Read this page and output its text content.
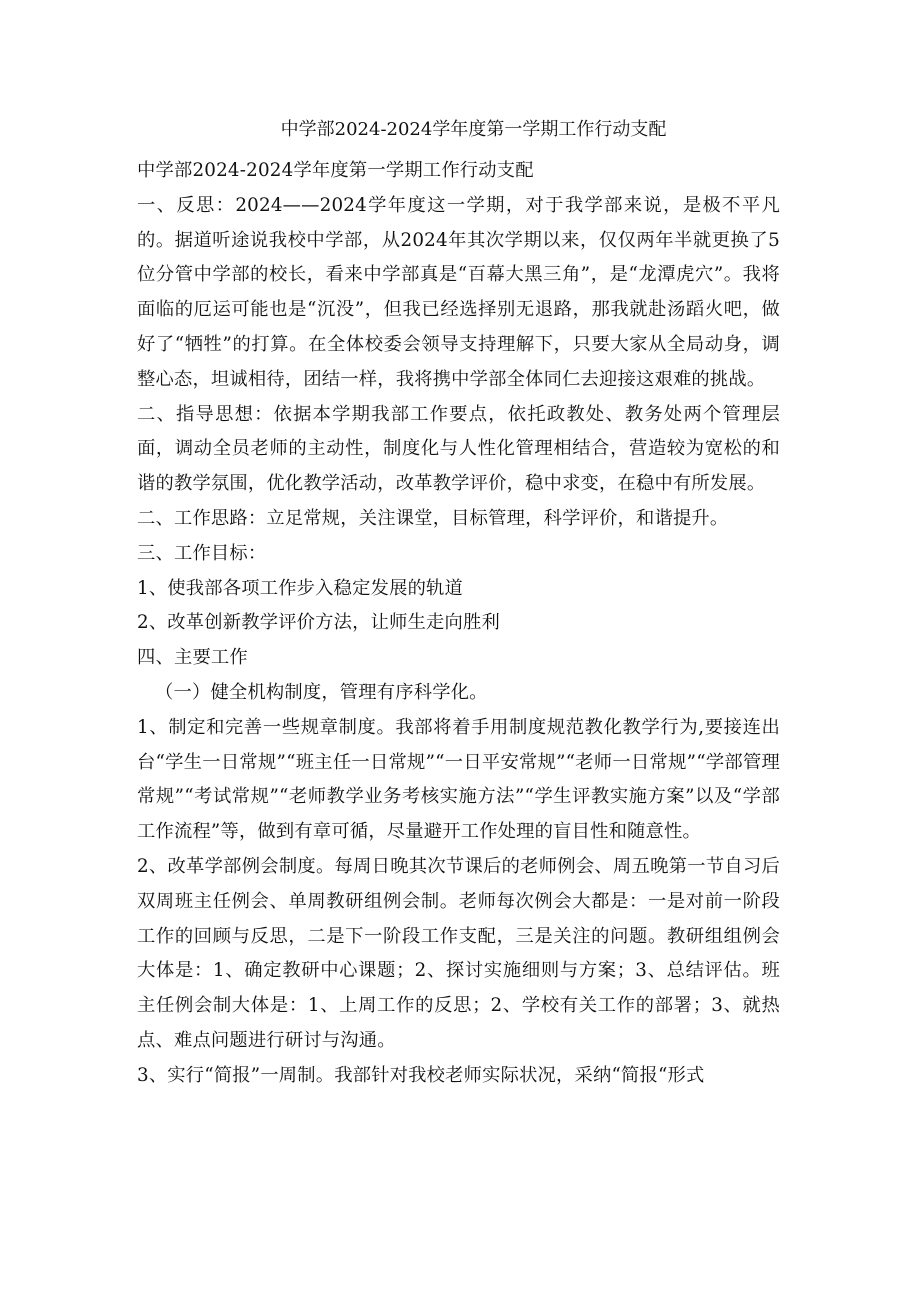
中学部2024-2024学年度第一学期工作行动支配

中学部2024-2024学年度第一学期工作行动支配

一、反思：2024——2024学年度这一学期，对于我学部来说，是极不平凡的。据道听途说我校中学部，从2024年其次学期以来，仅仅两年半就更换了5位分管中学部的校长，看来中学部真是“百幕大黑三角”，是“龙潭虎穴”。我将面临的厄运可能也是“沉没”，但我已经选择别无退路，那我就赴汤蹈火吧，做好了“牺牲”的打算。在全体校委会领导支持理解下，只要大家从全局动身，调整心态，坦诚相待，团结一样，我将携中学部全体同仁去迎接这艰难的挑战。

二、指导思想：依据本学期我部工作要点，依托政教处、教务处两个管理层面，调动全员老师的主动性，制度化与人性化管理相结合，营造较为宽松的和谐的教学氛围，优化教学活动，改革教学评价，稳中求变，在稳中有所发展。

二、工作思路：立足常规，关注课堂，目标管理，科学评价，和谐提升。

三、工作目标：

1、使我部各项工作步入稳定发展的轨道

2、改革创新教学评价方法，让师生走向胜利

四、主要工作

（一）健全机构制度，管理有序科学化。

1、制定和完善一些规章制度。我部将着手用制度规范教化教学行为,要接连出台“学生一日常规”“班主任一日常规”“一日平安常规”“老师一日常规”“学部管理常规”“考试常规”“老师教学业务考核实施方法”“学生评教实施方案”以及“学部工作流程”等，做到有章可循，尽量避开工作处理的盲目性和随意性。

2、改革学部例会制度。每周日晚其次节课后的老师例会、周五晚第一节自习后双周班主任例会、单周教研组例会制。老师每次例会大都是：一是对前一阶段工作的回顾与反思，二是下一阶段工作支配，三是关注的问题。教研组组例会大体是：1、确定教研中心课题；2、探讨实施细则与方案；3、总结评估。班主任例会制大体是：1、上周工作的反思；2、学校有关工作的部署；3、就热点、难点问题进行研讨与沟通。

3、实行“简报”一周制。我部针对我校老师实际状况，采纳“简报“形式
